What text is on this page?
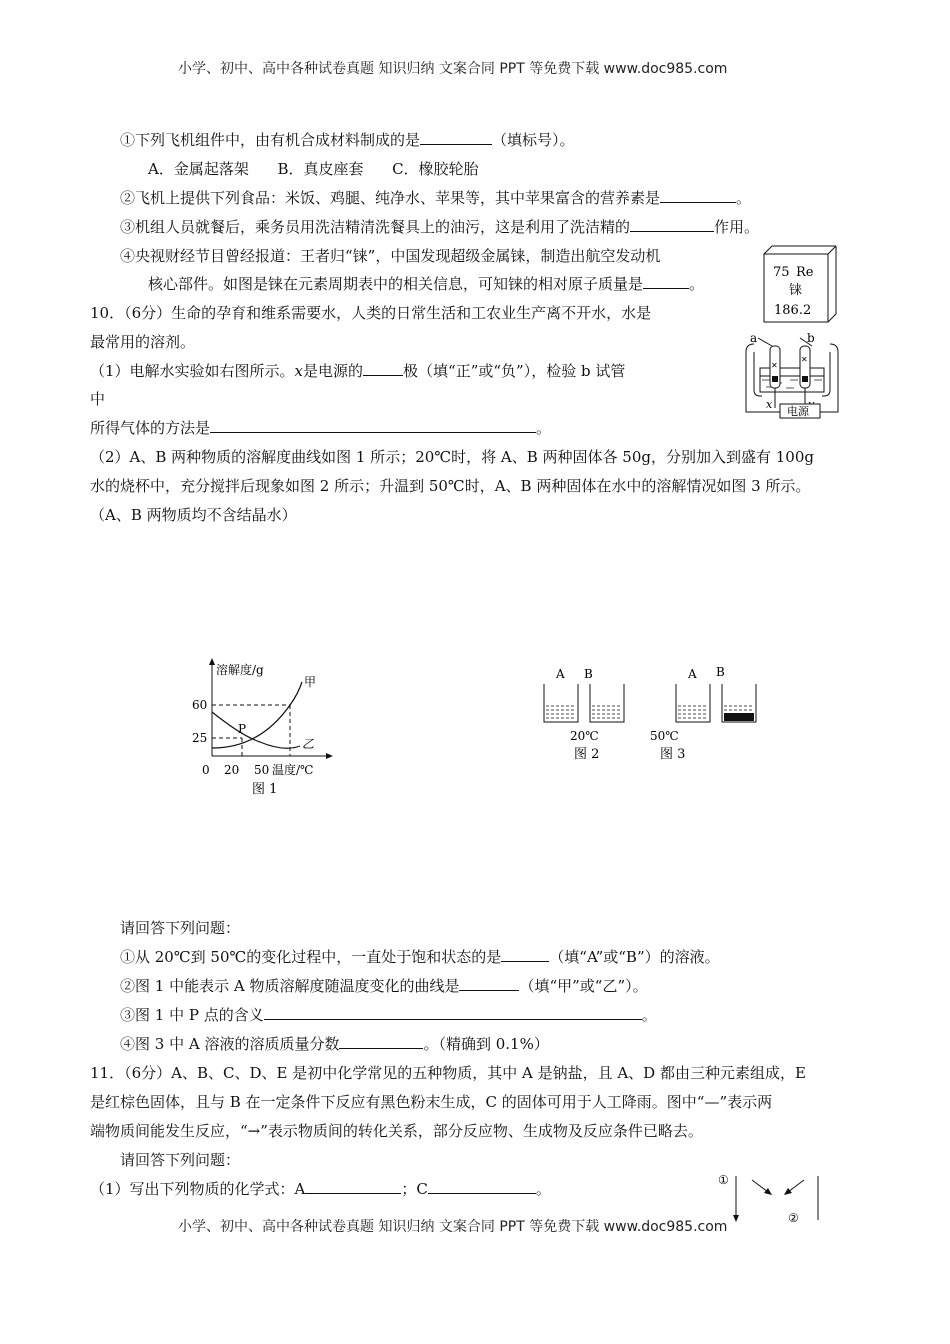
小学、初中、高中各种试卷真题 知识归纳 文案合同 PPT 等免费下载 www.doc985.com
①下列飞机组件中，由有机合成材料制成的是	（填标号）。
A．金属起落架      B．真皮座套      C．橡胶轮胎
②飞机上提供下列食品：米饭、鸡腿、纯净水、苹果等，其中苹果富含的营养素是	。
③机组人员就餐后，乘务员用洗洁精清洗餐具上的油污，这是利用了洗洁精的	作用。
④央视财经节目曾经报道：王者归“铼”，中国发现超级金属铼，制造出航空发动机
核心部件。如图是铼在元素周期表中的相关信息，可知铼的相对原子质量是	。
75 Re
铼
186.2
10．（6分）生命的孕育和维系需要水，人类的日常生活和工农业生产离不开水，水是
最常用的溶剂。
（1）电解水实验如右图所示。x是电源的	极（填“正”或“负”），检验 b 试管
中
所得气体的方法是	。
a	b
✕
✕
x
电源
（2）A、B 两种物质的溶解度曲线如图 1 所示；20℃时，将 A、B 两种固体各 50g，分别加入到盛有 100g
水的烧杯中，充分搅拌后现象如图 2 所示；升温到 50℃时，A、B 两种固体在水中的溶解情况如图 3 所示。
（A、B 两物质均不含结晶水）
溶解度/g
60
25
甲
乙
P
0 20 50 温度/℃
图 1
A B
20℃
图 2
A B
50℃
图 3
请回答下列问题：
①从 20℃到 50℃的变化过程中，一直处于饱和状态的是	（填“A”或“B”）的溶液。
②图 1 中能表示 A 物质溶解度随温度变化的曲线是	（填“甲”或“乙”）。
③图 1 中 P 点的含义	。
④图 3 中 A 溶液的溶质质量分数	。（精确到 0.1%）
11．（6分）A、B、C、D、E 是初中化学常见的五种物质，其中 A 是钠盐，且 A、D 都由三种元素组成，E
是红棕色固体，且与 B 在一定条件下反应有黑色粉末生成，C 的固体可用于人工降雨。图中“—”表示两
端物质间能发生反应，“→”表示物质间的转化关系，部分反应物、生成物及反应条件已略去。
请回答下列问题：
（1）写出下列物质的化学式：A	；C	。	①
②
小学、初中、高中各种试卷真题 知识归纳 文案合同 PPT 等免费下载 www.doc985.com
